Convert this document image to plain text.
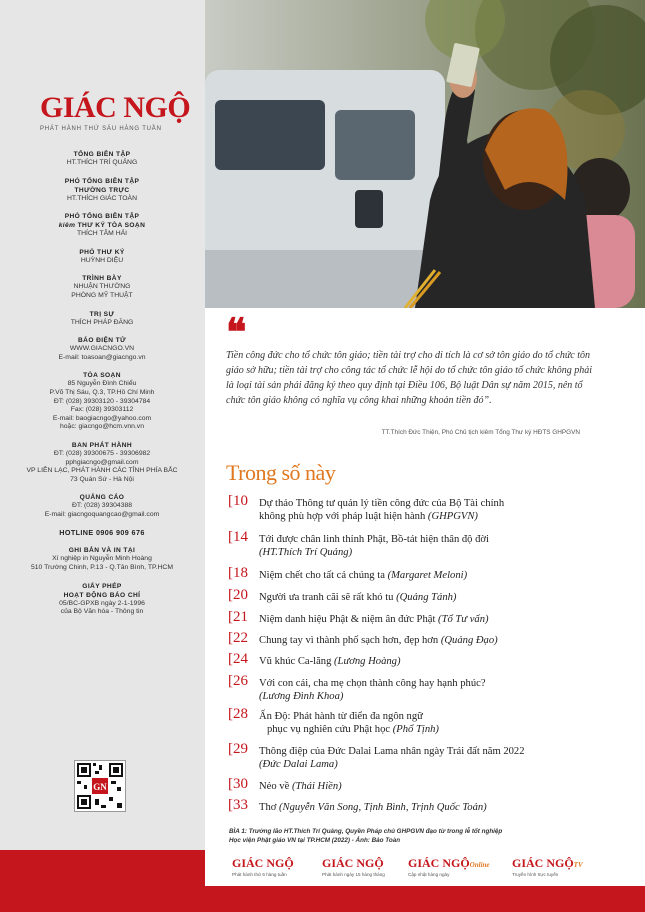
GIÁC NGỘ
PHÁT HÀNH THỨ SÁU HÀNG TUẦN
TỔNG BIÊN TẬP
HT.THÍCH TRÍ QUẢNG
PHÓ TỔNG BIÊN TẬP
THƯỜNG TRỰC
HT.THÍCH GIÁC TOÀN
PHÓ TỔNG BIÊN TẬP
kiêm THƯ KÝ TÒA SOẠN
THÍCH TÂM HẢI
PHÓ THƯ KÝ
HUỲNH DIỆU
TRÌNH BÀY
NHUẬN THƯỜNG
PHÒNG MỸ THUẬT
TRỊ SỰ
THÍCH PHÁP ĐĂNG
BÁO ĐIỆN TỬ
WWW.GIACNGO.VN
E-mail: toasoan@giacngo.vn
TÒA SOẠN
85 Nguyễn Đình Chiểu
P.Võ Thị Sáu, Q.3, TP.Hồ Chí Minh
ĐT: (028) 39303120 - 39304784
Fax: (028) 39303112
E-mail: baogiacngo@yahoo.com
hoặc: giacngo@hcm.vnn.vn
BAN PHÁT HÀNH
ĐT: (028) 39300675 - 39306982
pphgiacngo@gmail.com
VP LIÊN LẠC, PHÁT HÀNH CÁC TỈNH PHÍA BẮC
73 Quán Sứ - Hà Nội
QUẢNG CÁO
ĐT: (028) 39304388
E-mail: giacngoquangcao@gmail.com
HOTLINE 0906 909 676
GHI BẢN VÀ IN TẠI
Xí nghiệp in Nguyễn Minh Hoàng
510 Trường Chinh, P.13 - Q.Tân Bình, TP.HCM
GIẤY PHÉP
HOẠT ĐỘNG BÁO CHÍ
05/BC-GPXB ngày 2-1-1996
của Bộ Văn hóa - Thông tin
GN
❝
Tiền công đức cho tổ chức tôn giáo; tiền tài trợ cho di tích là cơ sở tôn giáo do tổ chức tôn giáo sở hữu; tiền tài trợ cho công tác tổ chức lễ hội do tổ chức tôn giáo tổ chức không phải là loại tài sản phải đăng ký theo quy định tại Điều 106, Bộ luật Dân sự năm 2015, nên tổ chức tôn giáo không có nghĩa vụ công khai những khoản tiền đó”.
TT.Thích Đức Thiện, Phó Chủ tịch kiêm Tổng Thư ký HĐTS GHPGVN
Trong số này
[ 10 Dự thảo Thông tư quản lý tiền công đức của Bộ Tài chính
không phù hợp với pháp luật hiện hành (GHPGVN)
[ 14 Tới được chân linh thỉnh Phật, Bồ-tát hiện thân độ đời
(HT.Thích Trí Quảng)
[ 18 Niệm chết cho tất cả chúng ta (Margaret Meloni)
[ 20 Người ưa tranh cãi sẽ rất khó tu (Quảng Tánh)
[ 21 Niệm danh hiệu Phật & niệm ân đức Phật (Tổ Tư vấn)
[ 22 Chung tay vì thành phố sạch hơn, đẹp hơn (Quảng Đạo)
[ 24 Vũ khúc Ca-lăng (Lương Hoàng)
[ 26 Với con cái, cha mẹ chọn thành công hay hạnh phúc?
(Lương Đình Khoa)
[ 28 Ấn Độ: Phát hành từ điển đa ngôn ngữ
phục vụ nghiên cứu Phật học (Phổ Tịnh)
[ 29 Thông điệp của Đức Dalai Lama nhân ngày Trái đất năm 2022
(Đức Dalai Lama)
[ 30 Nẻo về (Thái Hiền)
[ 33 Thơ (Nguyễn Văn Song, Tịnh Bình, Trịnh Quốc Toản)
BÌA 1: Trưởng lão HT.Thích Trí Quảng, Quyền Pháp chủ GHPGVN đạo từ trong lễ tốt nghiệp
Học viện Phật giáo VN tại TP.HCM (2022) - Ảnh: Bảo Toàn
GIÁC NGỘ
Phát hành thứ 6 hàng tuần
GIÁC NGỘ
Phát hành ngày 15 hàng tháng
GIÁC NGỘOnline
Cập nhật hàng ngày
GIÁC NGỘTV
Truyền hình trực tuyến
